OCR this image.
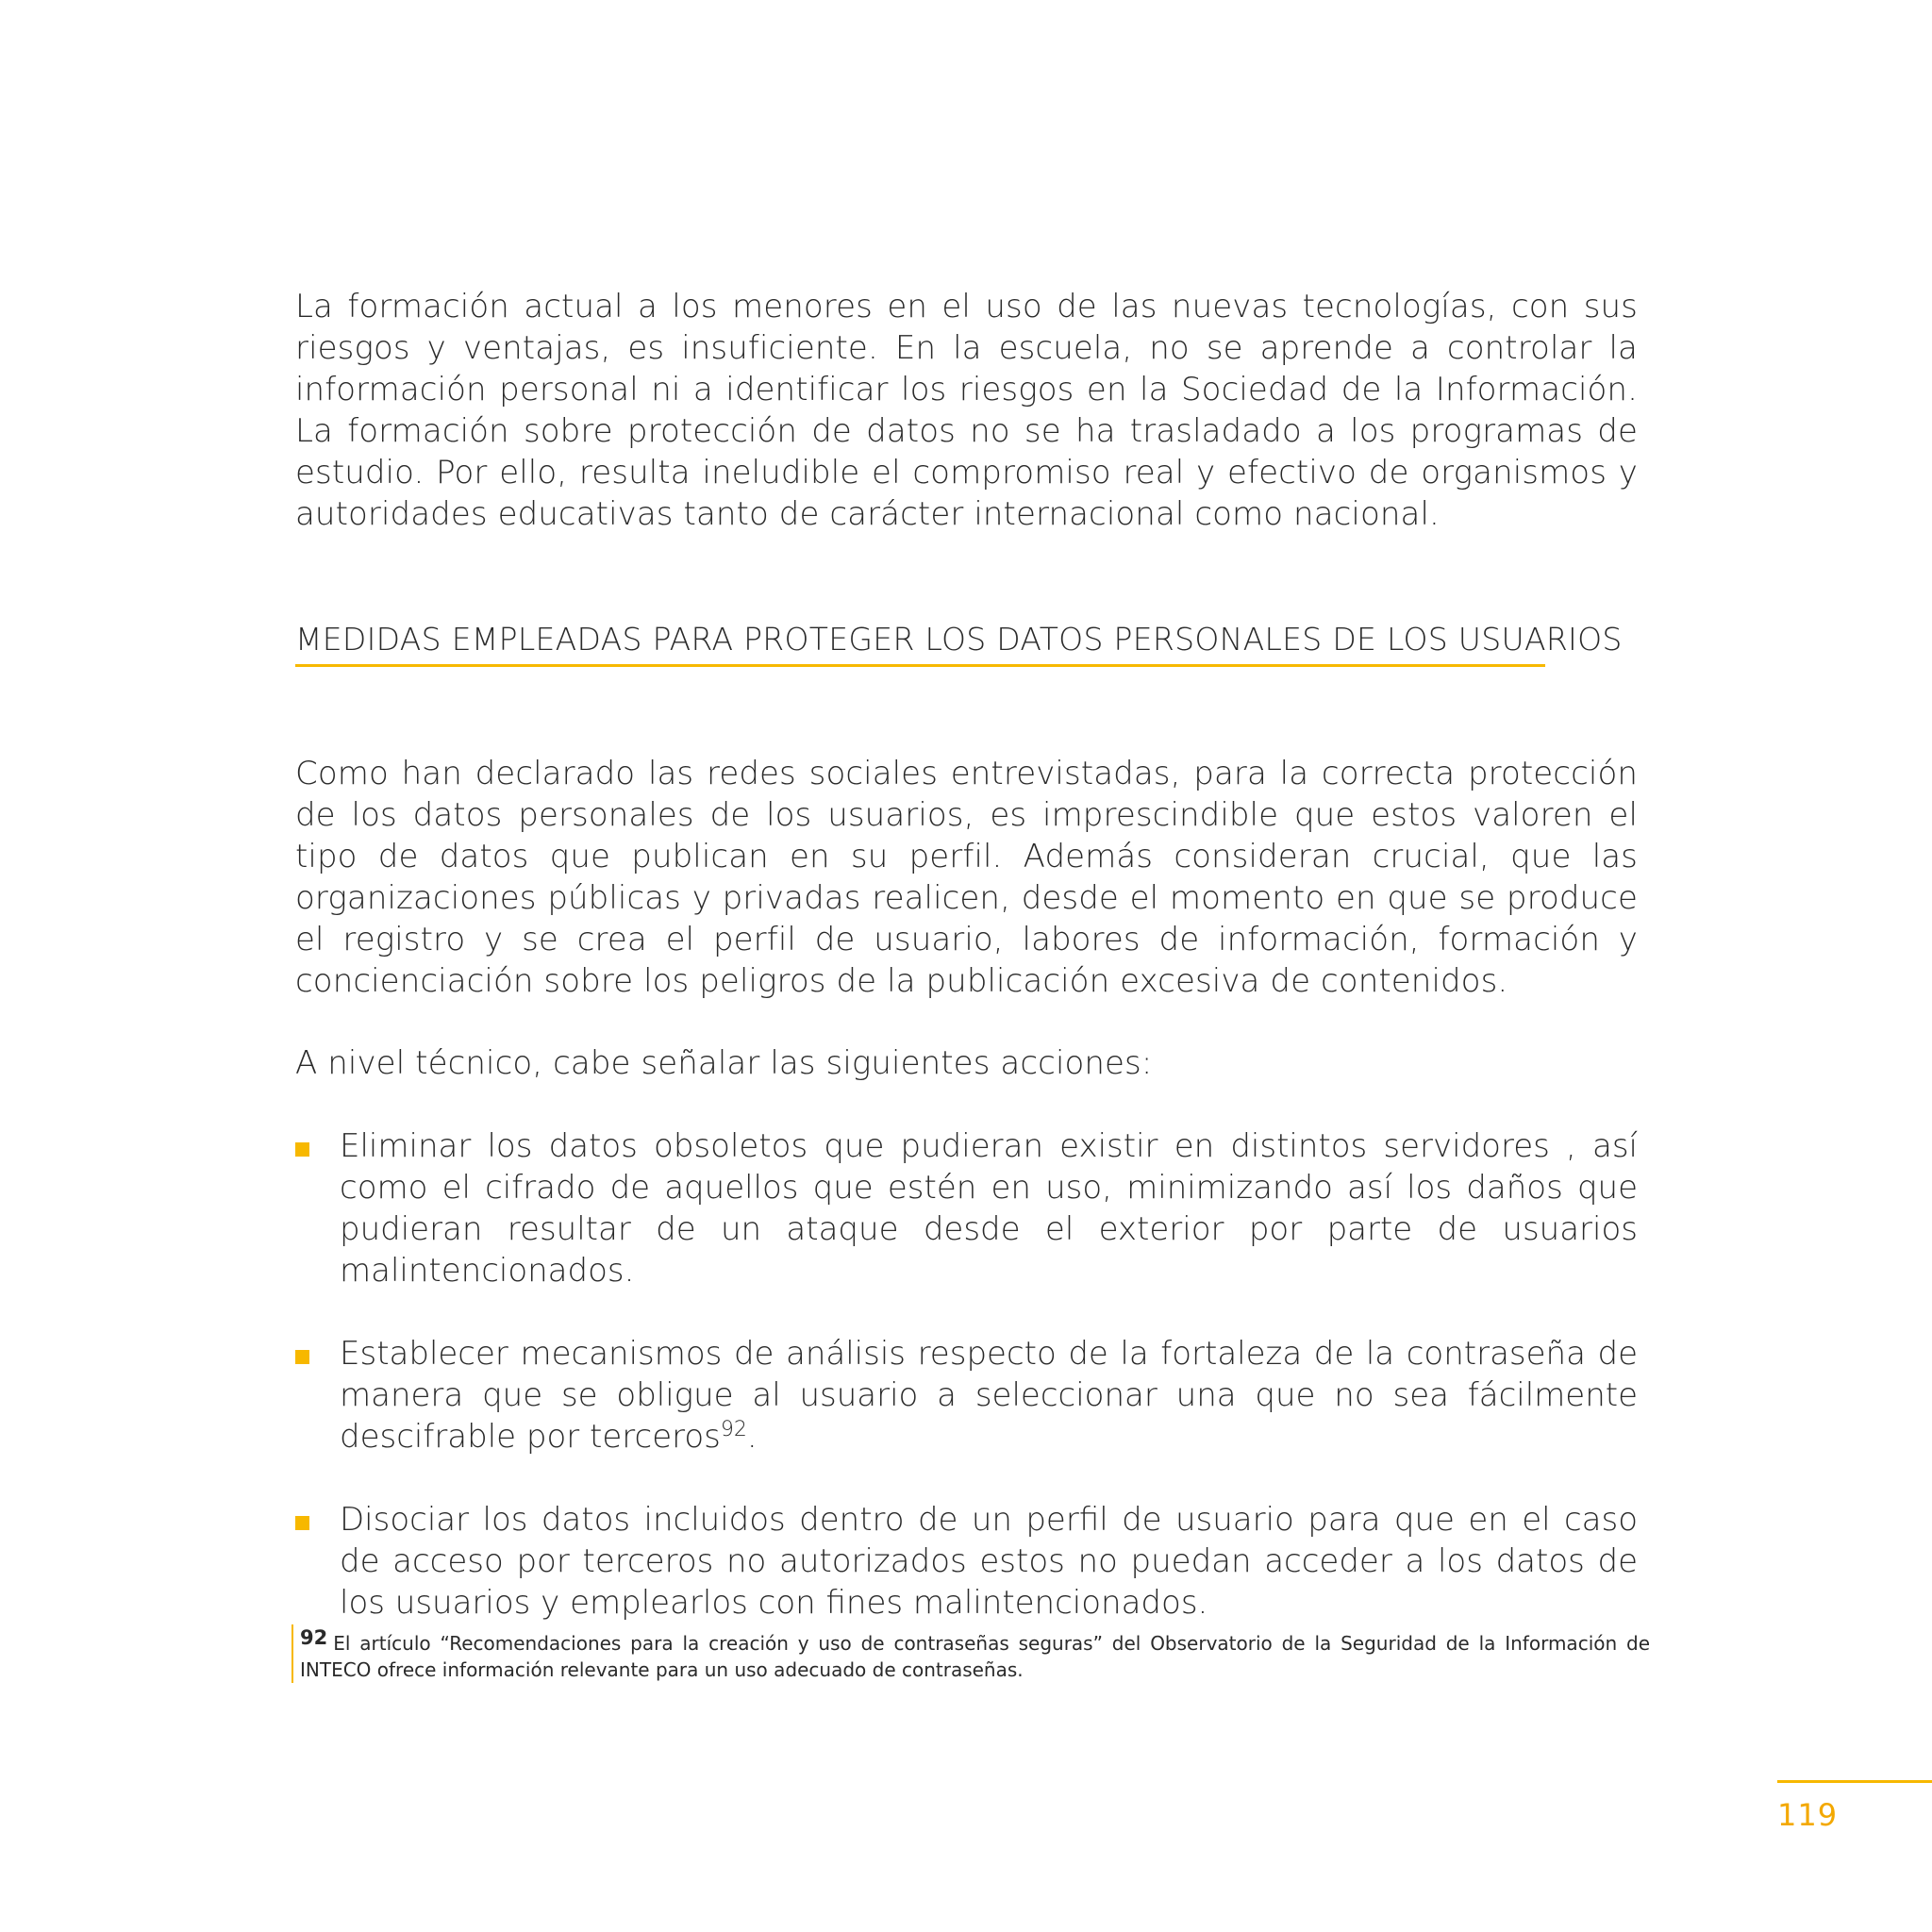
La formación actual a los menores en el uso de las nuevas tecnologías, con sus riesgos y ventajas, es insuficiente. En la escuela, no se aprende a controlar la información personal ni a identificar los riesgos en la Sociedad de la Información. La formación sobre protección de datos no se ha trasladado a los programas de estudio. Por ello, resulta ineludible el compromiso real y efectivo de organismos y autoridades educativas tanto de carácter internacional como nacional.

MEDIDAS EMPLEADAS PARA PROTEGER LOS DATOS PERSONALES DE LOS USUARIOS

Como han declarado las redes sociales entrevistadas, para la correcta protección de los datos personales de los usuarios, es imprescindible que estos valoren el tipo de datos que publican en su perfil. Además consideran crucial, que las organizaciones públicas y privadas realicen, desde el momento en que se produce el registro y se crea el perfil de usuario, labores de información, formación y concienciación sobre los peligros de la publicación excesiva de contenidos.

A nivel técnico, cabe señalar las siguientes acciones:

Eliminar los datos obsoletos que pudieran existir en distintos servidores , así como el cifrado de aquellos que estén en uso, minimizando así los daños que pudieran resultar de un ataque desde el exterior por parte de usuarios malintencionados.
Establecer mecanismos de análisis respecto de la fortaleza de la contraseña de manera que se obligue al usuario a seleccionar una que no sea fácilmente descifrable por terceros$^{92}$.
Disociar los datos incluidos dentro de un perfil de usuario para que en el caso de acceso por terceros no autorizados estos no puedan acceder a los datos de los usuarios y emplearlos con fines malintencionados.
92 El artículo “Recomendaciones para la creación y uso de contraseñas seguras” del Observatorio de la Seguridad de la Información de INTECO ofrece información relevante para un uso adecuado de contraseñas.
119
